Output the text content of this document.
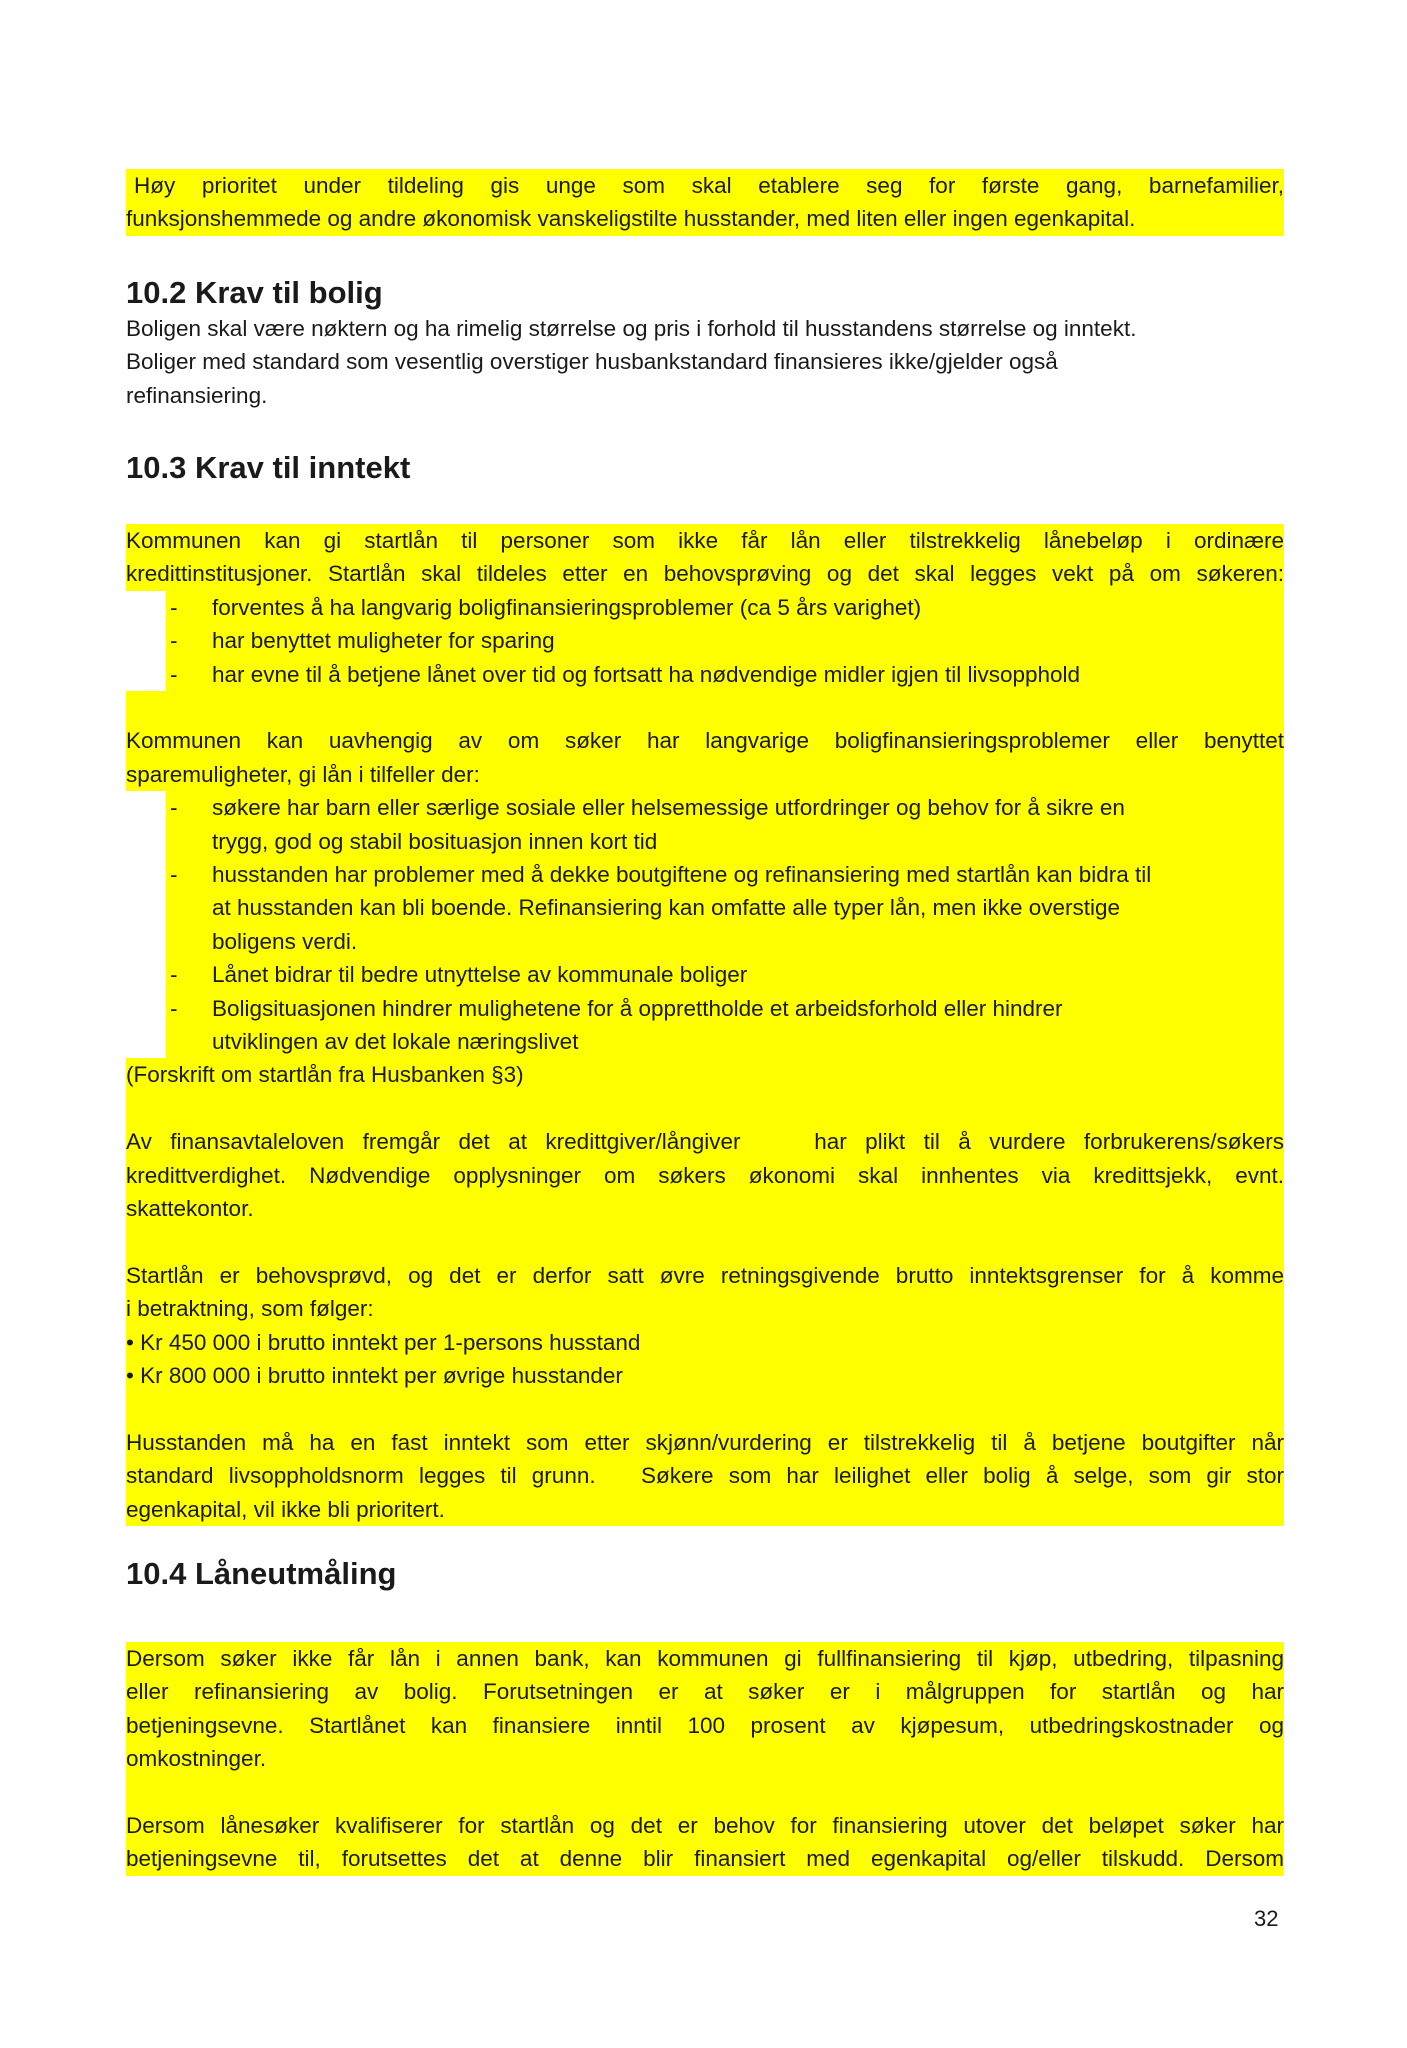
Høy prioritet under tildeling gis unge som skal etablere seg for første gang, barnefamilier,
funksjonshemmede og andre økonomisk vanskeligstilte husstander, med liten eller ingen egenkapital.
10.2 Krav til bolig
Boligen skal være nøktern og ha rimelig størrelse og pris i forhold til husstandens størrelse og inntekt.
Boliger med standard som vesentlig overstiger husbankstandard finansieres ikke/gjelder også
refinansiering.
10.3 Krav til inntekt
Kommunen kan gi startlån til personer som ikke får lån eller tilstrekkelig lånebeløp i ordinære
kredittinstitusjoner. Startlån skal tildeles etter en behovsprøving og det skal legges vekt på om søkeren:
- forventes å ha langvarig boligfinansieringsproblemer (ca 5 års varighet)
- har benyttet muligheter for sparing
- har evne til å betjene lånet over tid og fortsatt ha nødvendige midler igjen til livsopphold
Kommunen kan uavhengig av om søker har langvarige boligfinansieringsproblemer eller benyttet
sparemuligheter, gi lån i tilfeller der:
- søkere har barn eller særlige sosiale eller helsemessige utfordringer og behov for å sikre en
trygg, god og stabil bosituasjon innen kort tid
- husstanden har problemer med å dekke boutgiftene og refinansiering med startlån kan bidra til
at husstanden kan bli boende. Refinansiering kan omfatte alle typer lån, men ikke overstige
boligens verdi.
- Lånet bidrar til bedre utnyttelse av kommunale boliger
- Boligsituasjonen hindrer mulighetene for å opprettholde et arbeidsforhold eller hindrer
utviklingen av det lokale næringslivet
(Forskrift om startlån fra Husbanken §3)
Av finansavtaleloven fremgår det at kredittgiver/långiver    har plikt til å vurdere forbrukerens/søkers
kredittverdighet. Nødvendige opplysninger om søkers økonomi skal innhentes via kredittsjekk, evnt.
skattekontor.
Startlån er behovsprøvd, og det er derfor satt øvre retningsgivende brutto inntektsgrenser for å komme
i betraktning, som følger:
• Kr 450 000 i brutto inntekt per 1-persons husstand
• Kr 800 000 i brutto inntekt per øvrige husstander
Husstanden må ha en fast inntekt som etter skjønn/vurdering er tilstrekkelig til å betjene boutgifter når
standard livsoppholdsnorm legges til grunn.   Søkere som har leilighet eller bolig å selge, som gir stor
egenkapital, vil ikke bli prioritert.
10.4 Låneutmåling
Dersom søker ikke får lån i annen bank, kan kommunen gi fullfinansiering til kjøp, utbedring, tilpasning
eller refinansiering av bolig. Forutsetningen er at søker er i målgruppen for startlån og har
betjeningsevne. Startlånet kan finansiere inntil 100 prosent av kjøpesum, utbedringskostnader og
omkostninger.
Dersom lånesøker kvalifiserer for startlån og det er behov for finansiering utover det beløpet søker har
betjeningsevne til, forutsettes det at denne blir finansiert med egenkapital og/eller tilskudd. Dersom
32
